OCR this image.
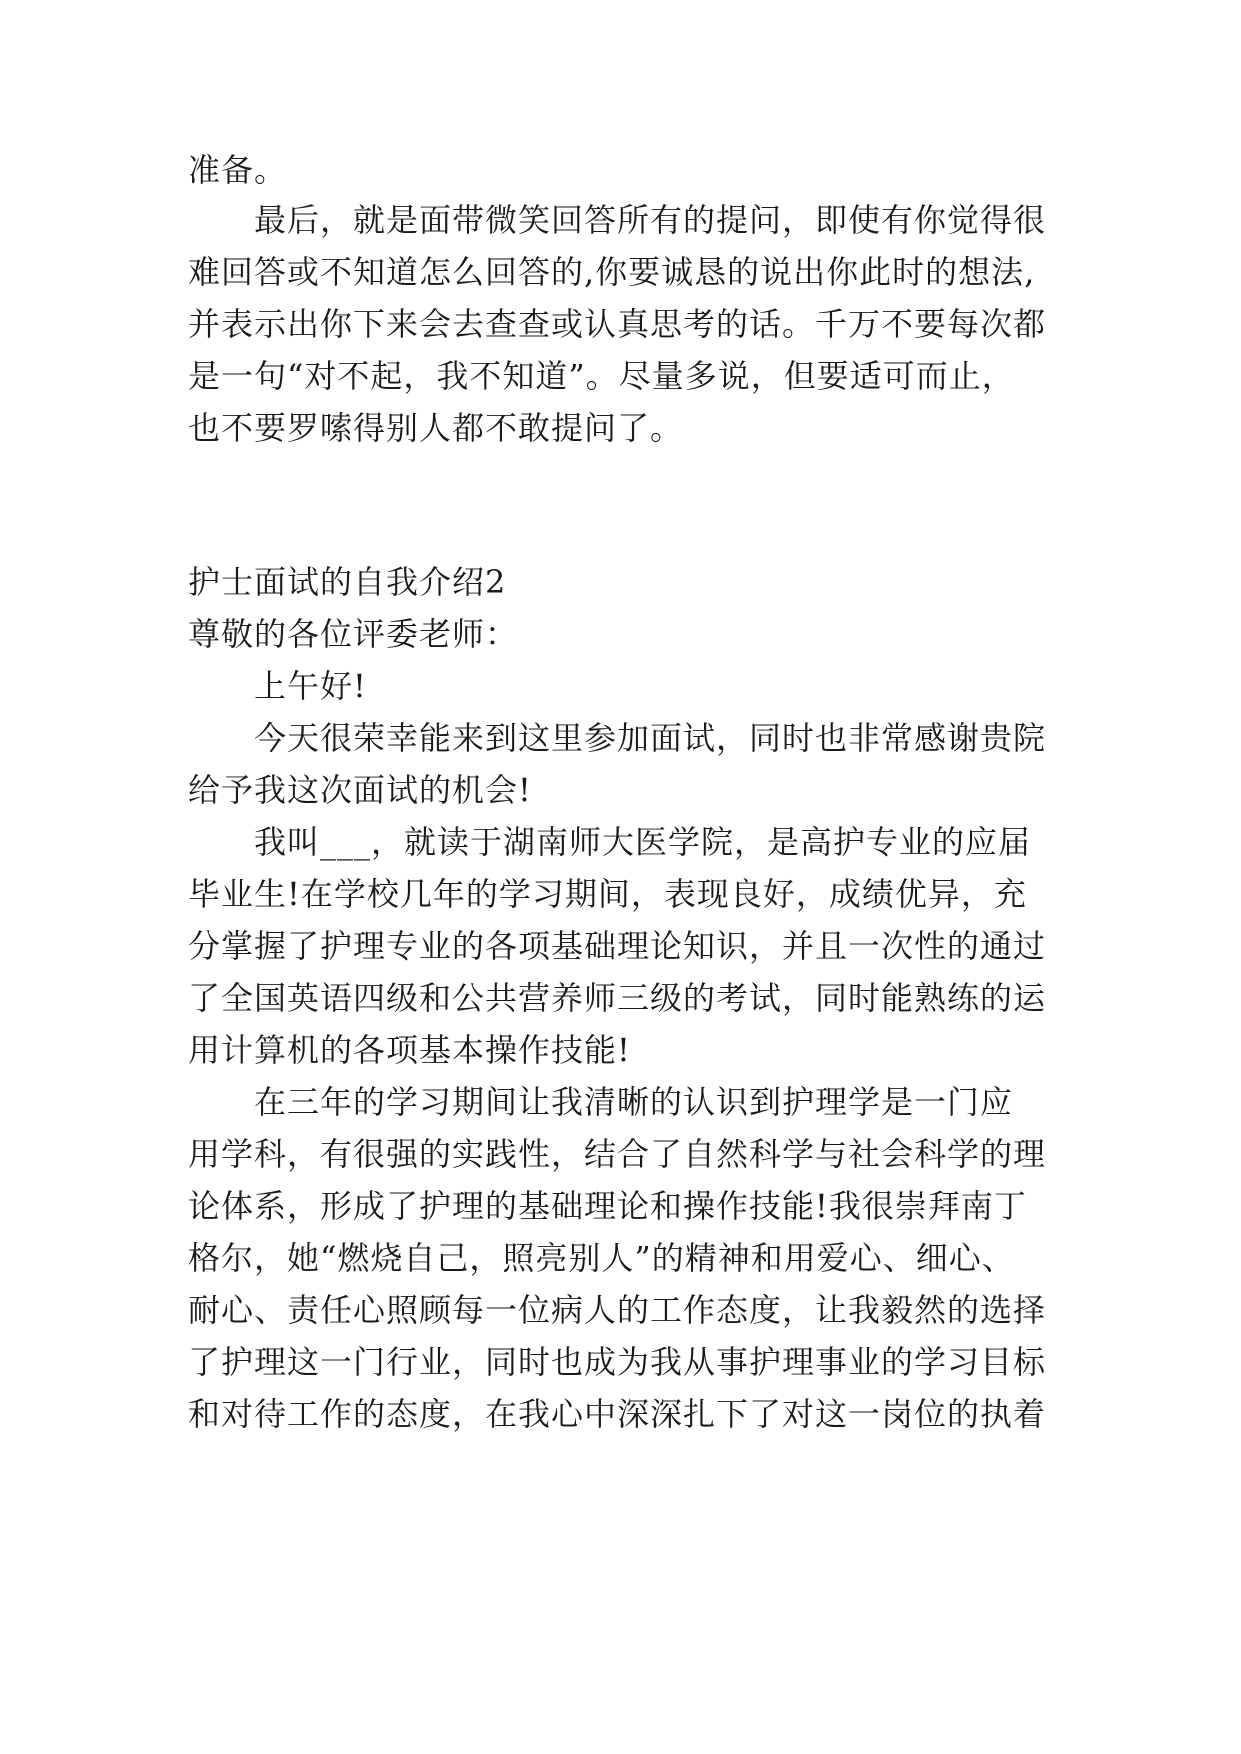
准备。
最后，就是面带微笑回答所有的提问，即使有你觉得很
难回答或不知道怎么回答的,你要诚恳的说出你此时的想法,
并表示出你下来会去查查或认真思考的话。千万不要每次都
是一句“对不起，我不知道”。尽量多说，但要适可而止，
也不要罗嗦得别人都不敢提问了。
护士面试的自我介绍2
尊敬的各位评委老师：
上午好!
今天很荣幸能来到这里参加面试，同时也非常感谢贵院
给予我这次面试的机会!
我叫___，就读于湖南师大医学院，是高护专业的应届
毕业生!在学校几年的学习期间，表现良好，成绩优异，充
分掌握了护理专业的各项基础理论知识，并且一次性的通过
了全国英语四级和公共营养师三级的考试，同时能熟练的运
用计算机的各项基本操作技能!
在三年的学习期间让我清晰的认识到护理学是一门应
用学科，有很强的实践性，结合了自然科学与社会科学的理
论体系，形成了护理的基础理论和操作技能!我很崇拜南丁
格尔，她“燃烧自己，照亮别人”的精神和用爱心、细心、
耐心、责任心照顾每一位病人的工作态度，让我毅然的选择
了护理这一门行业，同时也成为我从事护理事业的学习目标
和对待工作的态度，在我心中深深扎下了对这一岗位的执着
